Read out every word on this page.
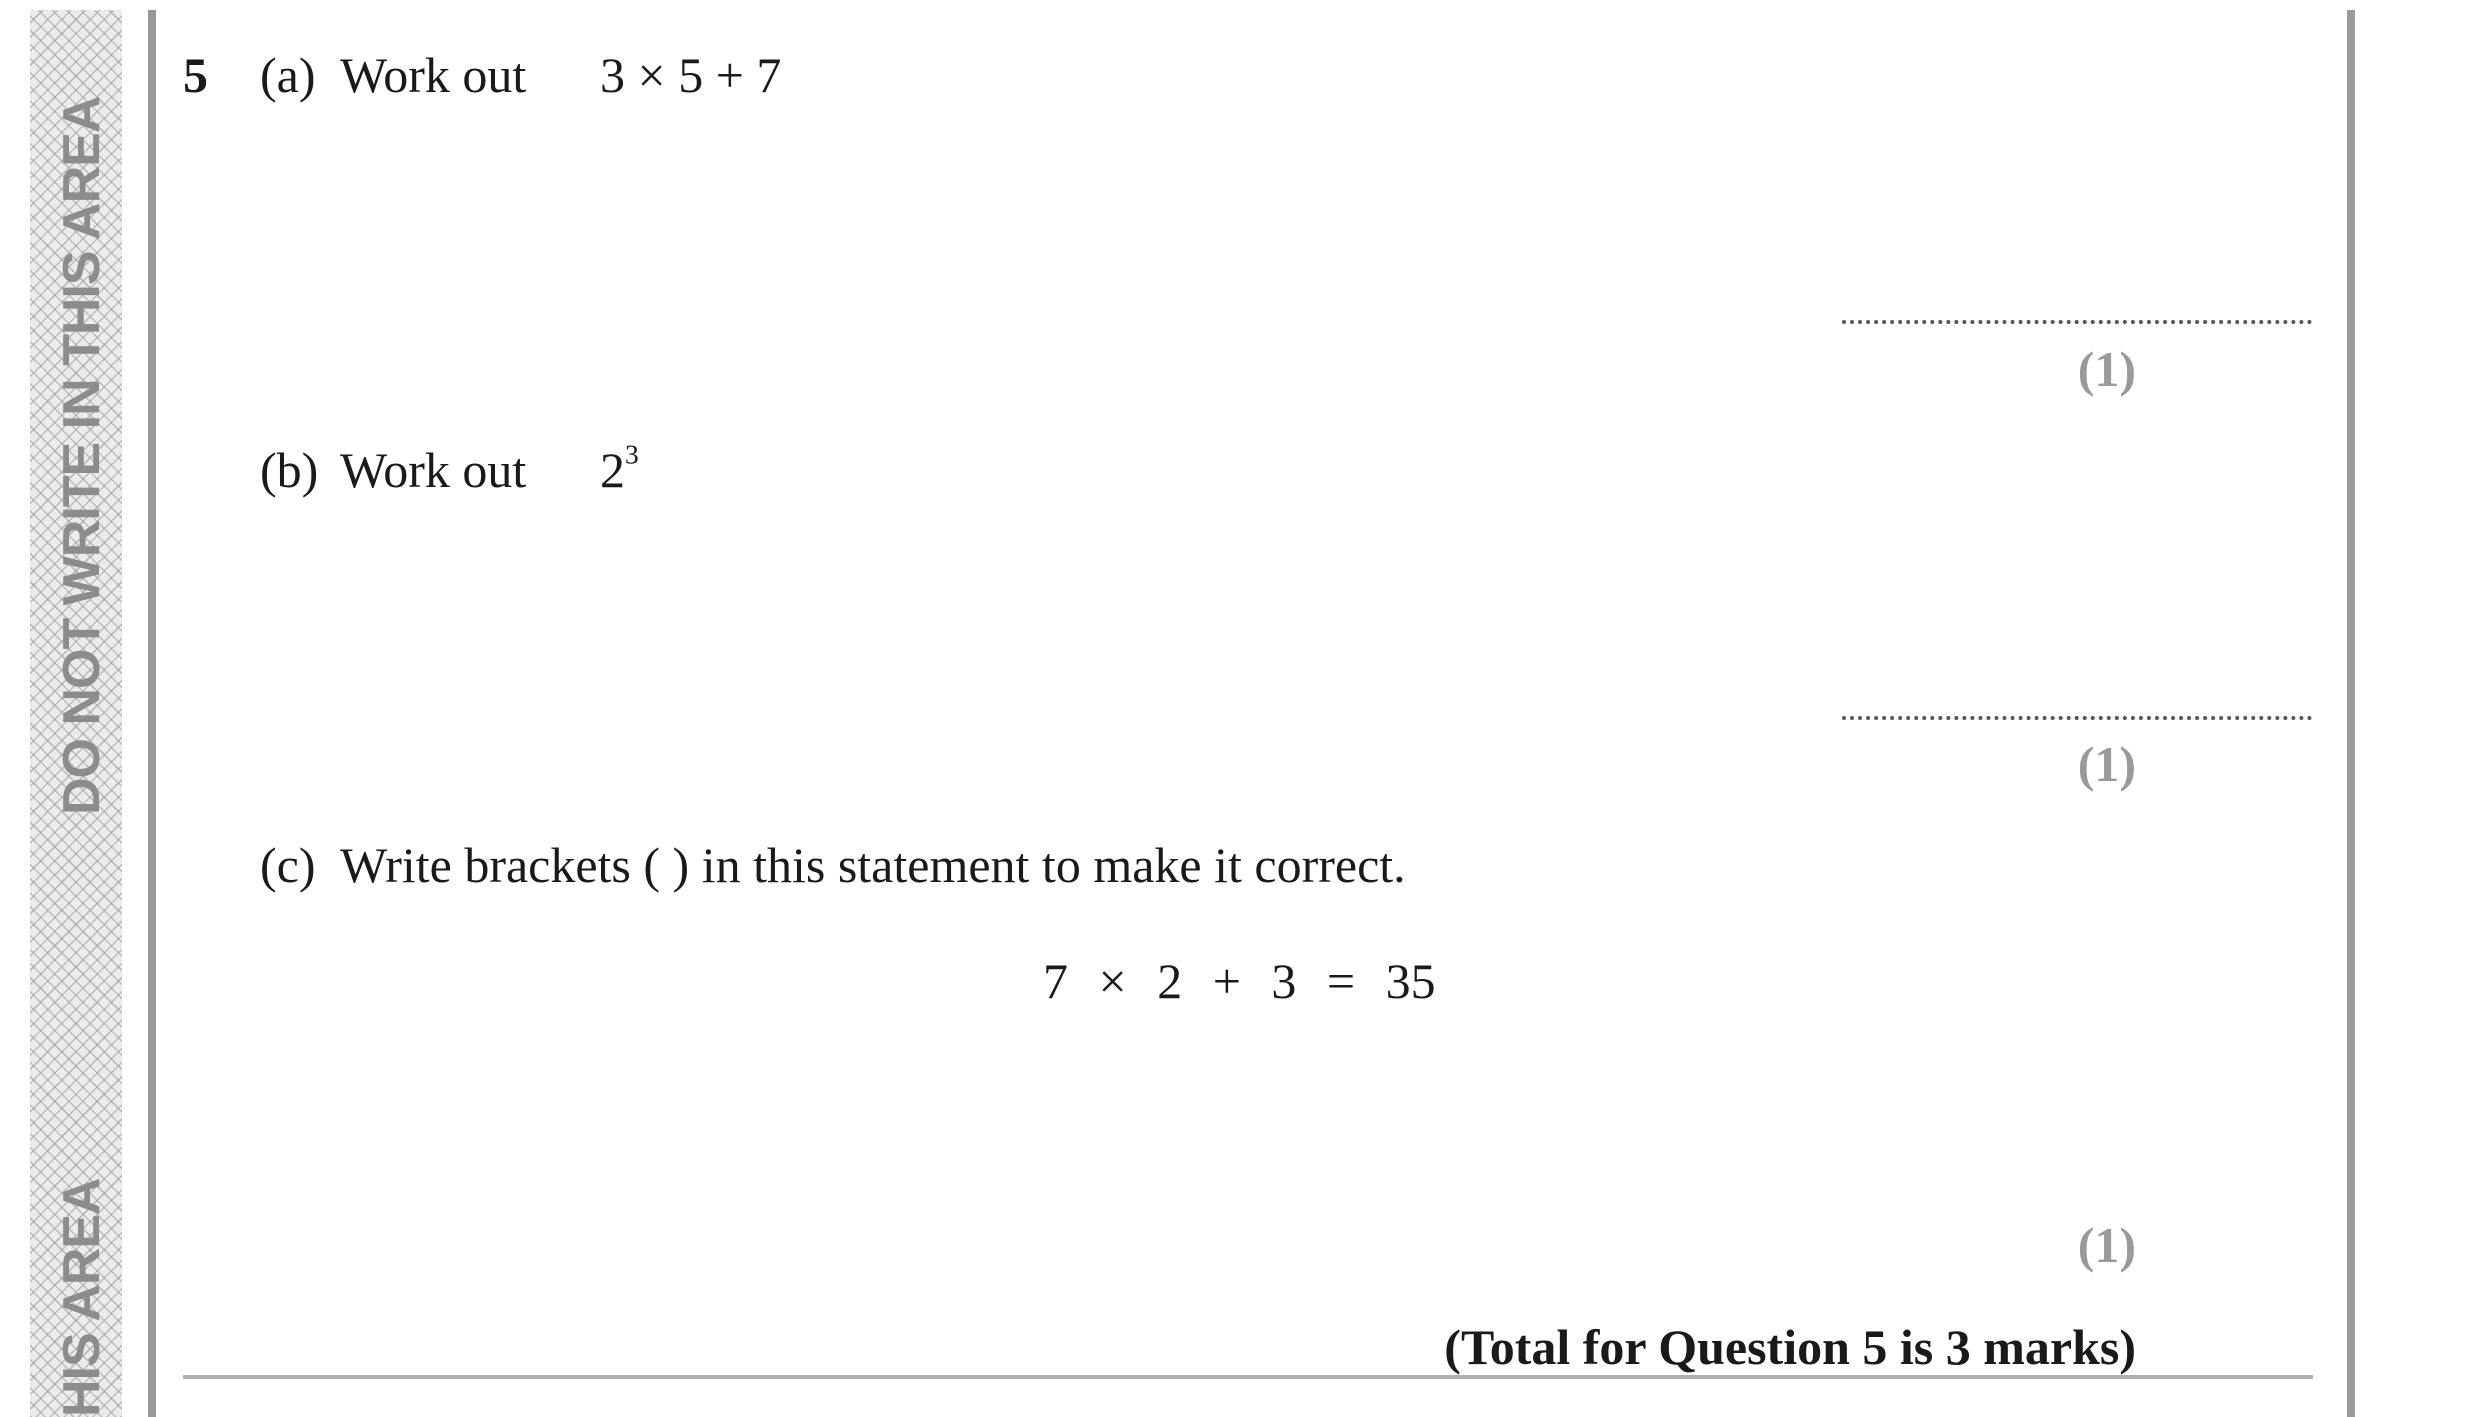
DO NOT WRITE IN THIS AREA
HIS AREA
5 (a) Work out 3 × 5 + 7
(1)
(b) Work out $2^3$
(1)
(c) Write brackets ( ) in this statement to make it correct.
7 × 2 + 3 = 35
(1)
(Total for Question 5 is 3 marks)
